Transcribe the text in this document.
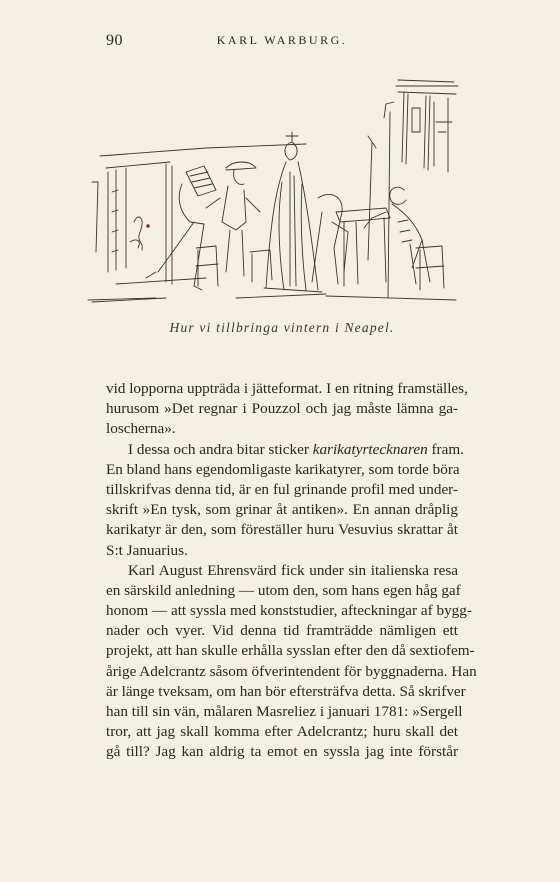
90	KARL WARBURG.
Hur vi tillbringa vintern i Neapel.
vid lopporna uppträda i jätteformat. I en ritning framställes,
hurusom »Det regnar i Pouzzol och jag måste lämna ga-
loscherna».
I dessa och andra bitar sticker karikatyrtecknaren fram.
En bland hans egendomligaste karikatyrer, som torde böra
tillskrifvas denna tid, är en ful grinande profil med under-
skrift »En tysk, som grinar åt antiken». En annan dråplig
karikatyr är den, som föreställer huru Vesuvius skrattar åt
S:t Januarius.
Karl August Ehrensvärd fick under sin italienska resa
en särskild anledning — utom den, som hans egen håg gaf
honom — att syssla med konststudier, afteckningar af bygg-
nader och vyer. Vid denna tid framträdde nämligen ett
projekt, att han skulle erhålla sysslan efter den då sextiofem-
årige Adelcrantz såsom öfverintendent för byggnaderna. Han
är länge tveksam, om han bör eftersträfva detta. Så skrifver
han till sin vän, målaren Masreliez i januari 1781: »Sergell
tror, att jag skall komma efter Adelcrantz; huru skall det
gå till? Jag kan aldrig ta emot en syssla jag inte förstår
